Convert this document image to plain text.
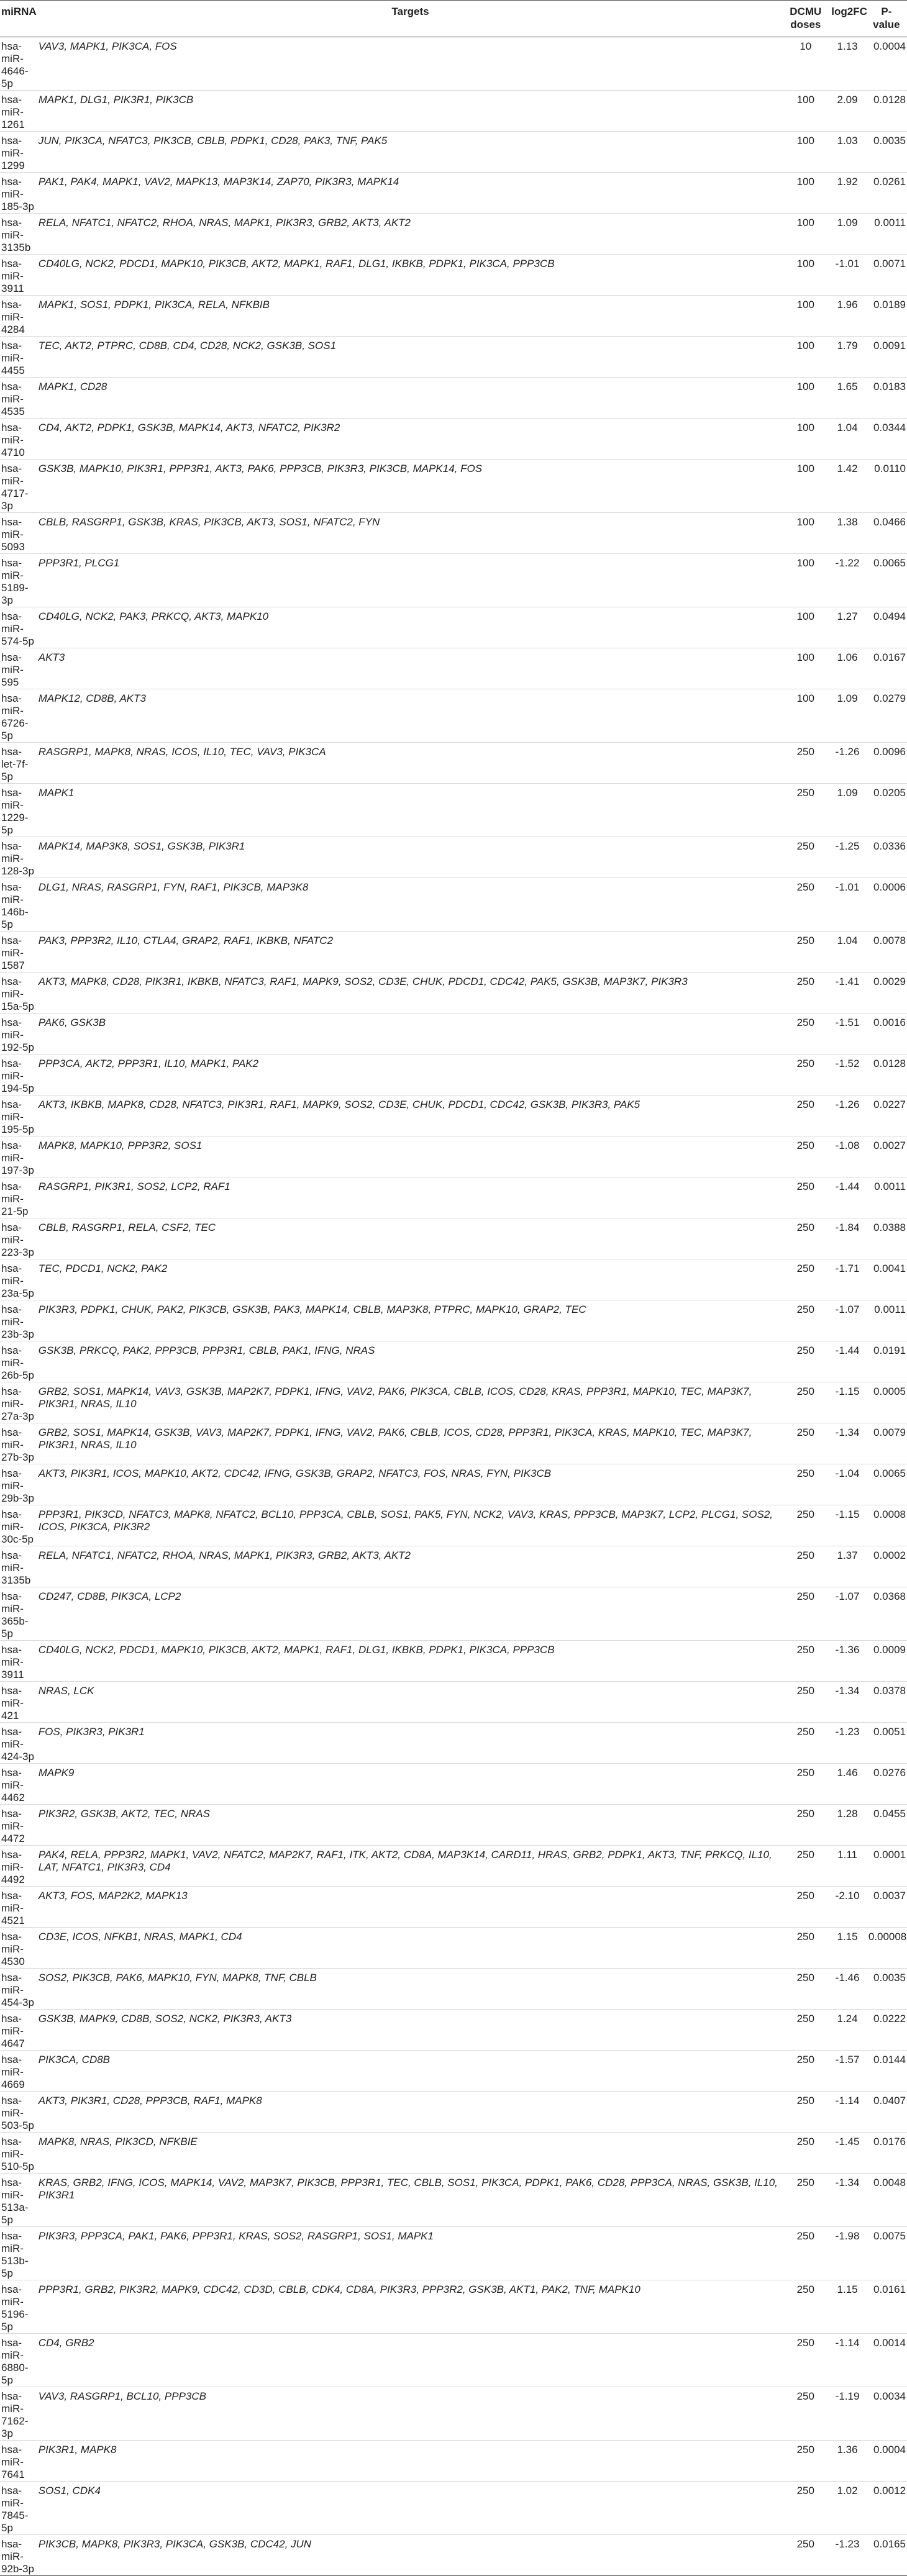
miRNA	Targets	DCMU doses	log2FC	P-value
hsa-miR-4646-5p	VAV3, MAPK1, PIK3CA, FOS	10	1.13	0.0004
hsa-miR-1261	MAPK1, DLG1, PIK3R1, PIK3CB	100	2.09	0.0128
hsa-miR-1299	JUN, PIK3CA, NFATC3, PIK3CB, CBLB, PDPK1, CD28, PAK3, TNF, PAK5	100	1.03	0.0035
hsa-miR-185-3p	PAK1, PAK4, MAPK1, VAV2, MAPK13, MAP3K14, ZAP70, PIK3R3, MAPK14	100	1.92	0.0261
hsa-miR-3135b	RELA, NFATC1, NFATC2, RHOA, NRAS, MAPK1, PIK3R3, GRB2, AKT3, AKT2	100	1.09	0.0011
hsa-miR-3911	CD40LG, NCK2, PDCD1, MAPK10, PIK3CB, AKT2, MAPK1, RAF1, DLG1, IKBKB, PDPK1, PIK3CA, PPP3CB	100	-1.01	0.0071
hsa-miR-4284	MAPK1, SOS1, PDPK1, PIK3CA, RELA, NFKBIB	100	1.96	0.0189
hsa-miR-4455	TEC, AKT2, PTPRC, CD8B, CD4, CD28, NCK2, GSK3B, SOS1	100	1.79	0.0091
hsa-miR-4535	MAPK1, CD28	100	1.65	0.0183
hsa-miR-4710	CD4, AKT2, PDPK1, GSK3B, MAPK14, AKT3, NFATC2, PIK3R2	100	1.04	0.0344
hsa-miR-4717-3p	GSK3B, MAPK10, PIK3R1, PPP3R1, AKT3, PAK6, PPP3CB, PIK3R3, PIK3CB, MAPK14, FOS	100	1.42	0.0110
hsa-miR-5093	CBLB, RASGRP1, GSK3B, KRAS, PIK3CB, AKT3, SOS1, NFATC2, FYN	100	1.38	0.0466
hsa-miR-5189-3p	PPP3R1, PLCG1	100	-1.22	0.0065
hsa-miR-574-5p	CD40LG, NCK2, PAK3, PRKCQ, AKT3, MAPK10	100	1.27	0.0494
hsa-miR-595	AKT3	100	1.06	0.0167
hsa-miR-6726-5p	MAPK12, CD8B, AKT3	100	1.09	0.0279
hsa-let-7f-5p	RASGRP1, MAPK8, NRAS, ICOS, IL10, TEC, VAV3, PIK3CA	250	-1.26	0.0096
hsa-miR-1229-5p	MAPK1	250	1.09	0.0205
hsa-miR-128-3p	MAPK14, MAP3K8, SOS1, GSK3B, PIK3R1	250	-1.25	0.0336
hsa-miR-146b-5p	DLG1, NRAS, RASGRP1, FYN, RAF1, PIK3CB, MAP3K8	250	-1.01	0.0006
hsa-miR-1587	PAK3, PPP3R2, IL10, CTLA4, GRAP2, RAF1, IKBKB, NFATC2	250	1.04	0.0078
hsa-miR-15a-5p	AKT3, MAPK8, CD28, PIK3R1, IKBKB, NFATC3, RAF1, MAPK9, SOS2, CD3E, CHUK, PDCD1, CDC42, PAK5, GSK3B, MAP3K7, PIK3R3	250	-1.41	0.0029
hsa-miR-192-5p	PAK6, GSK3B	250	-1.51	0.0016
hsa-miR-194-5p	PPP3CA, AKT2, PPP3R1, IL10, MAPK1, PAK2	250	-1.52	0.0128
hsa-miR-195-5p	AKT3, IKBKB, MAPK8, CD28, NFATC3, PIK3R1, RAF1, MAPK9, SOS2, CD3E, CHUK, PDCD1, CDC42, GSK3B, PIK3R3, PAK5	250	-1.26	0.0227
hsa-miR-197-3p	MAPK8, MAPK10, PPP3R2, SOS1	250	-1.08	0.0027
hsa-miR-21-5p	RASGRP1, PIK3R1, SOS2, LCP2, RAF1	250	-1.44	0.0011
hsa-miR-223-3p	CBLB, RASGRP1, RELA, CSF2, TEC	250	-1.84	0.0388
hsa-miR-23a-5p	TEC, PDCD1, NCK2, PAK2	250	-1.71	0.0041
hsa-miR-23b-3p	PIK3R3, PDPK1, CHUK, PAK2, PIK3CB, GSK3B, PAK3, MAPK14, CBLB, MAP3K8, PTPRC, MAPK10, GRAP2, TEC	250	-1.07	0.0011
hsa-miR-26b-5p	GSK3B, PRKCQ, PAK2, PPP3CB, PPP3R1, CBLB, PAK1, IFNG, NRAS	250	-1.44	0.0191
hsa-miR-27a-3p	GRB2, SOS1, MAPK14, VAV3, GSK3B, MAP2K7, PDPK1, IFNG, VAV2, PAK6, PIK3CA, CBLB, ICOS, CD28, KRAS, PPP3R1, MAPK10, TEC, MAP3K7, PIK3R1, NRAS, IL10	250	-1.15	0.0005
hsa-miR-27b-3p	GRB2, SOS1, MAPK14, GSK3B, VAV3, MAP2K7, PDPK1, IFNG, VAV2, PAK6, CBLB, ICOS, CD28, PPP3R1, PIK3CA, KRAS, MAPK10, TEC, MAP3K7, PIK3R1, NRAS, IL10	250	-1.34	0.0079
hsa-miR-29b-3p	AKT3, PIK3R1, ICOS, MAPK10, AKT2, CDC42, IFNG, GSK3B, GRAP2, NFATC3, FOS, NRAS, FYN, PIK3CB	250	-1.04	0.0065
hsa-miR-30c-5p	PPP3R1, PIK3CD, NFATC3, MAPK8, NFATC2, BCL10, PPP3CA, CBLB, SOS1, PAK5, FYN, NCK2, VAV3, KRAS, PPP3CB, MAP3K7, LCP2, PLCG1, SOS2, ICOS, PIK3CA, PIK3R2	250	-1.15	0.0008
hsa-miR-3135b	RELA, NFATC1, NFATC2, RHOA, NRAS, MAPK1, PIK3R3, GRB2, AKT3, AKT2	250	1.37	0.0002
hsa-miR-365b-5p	CD247, CD8B, PIK3CA, LCP2	250	-1.07	0.0368
hsa-miR-3911	CD40LG, NCK2, PDCD1, MAPK10, PIK3CB, AKT2, MAPK1, RAF1, DLG1, IKBKB, PDPK1, PIK3CA, PPP3CB	250	-1.36	0.0009
hsa-miR-421	NRAS, LCK	250	-1.34	0.0378
hsa-miR-424-3p	FOS, PIK3R3, PIK3R1	250	-1.23	0.0051
hsa-miR-4462	MAPK9	250	1.46	0.0276
hsa-miR-4472	PIK3R2, GSK3B, AKT2, TEC, NRAS	250	1.28	0.0455
hsa-miR-4492	PAK4, RELA, PPP3R2, MAPK1, VAV2, NFATC2, MAP2K7, RAF1, ITK, AKT2, CD8A, MAP3K14, CARD11, HRAS, GRB2, PDPK1, AKT3, TNF, PRKCQ, IL10, LAT, NFATC1, PIK3R3, CD4	250	1.11	0.0001
hsa-miR-4521	AKT3, FOS, MAP2K2, MAPK13	250	-2.10	0.0037
hsa-miR-4530	CD3E, ICOS, NFKB1, NRAS, MAPK1, CD4	250	1.15	0.00008
hsa-miR-454-3p	SOS2, PIK3CB, PAK6, MAPK10, FYN, MAPK8, TNF, CBLB	250	-1.46	0.0035
hsa-miR-4647	GSK3B, MAPK9, CD8B, SOS2, NCK2, PIK3R3, AKT3	250	1.24	0.0222
hsa-miR-4669	PIK3CA, CD8B	250	-1.57	0.0144
hsa-miR-503-5p	AKT3, PIK3R1, CD28, PPP3CB, RAF1, MAPK8	250	-1.14	0.0407
hsa-miR-510-5p	MAPK8, NRAS, PIK3CD, NFKBIE	250	-1.45	0.0176
hsa-miR-513a-5p	KRAS, GRB2, IFNG, ICOS, MAPK14, VAV2, MAP3K7, PIK3CB, PPP3R1, TEC, CBLB, SOS1, PIK3CA, PDPK1, PAK6, CD28, PPP3CA, NRAS, GSK3B, IL10, PIK3R1	250	-1.34	0.0048
hsa-miR-513b-5p	PIK3R3, PPP3CA, PAK1, PAK6, PPP3R1, KRAS, SOS2, RASGRP1, SOS1, MAPK1	250	-1.98	0.0075
hsa-miR-5196-5p	PPP3R1, GRB2, PIK3R2, MAPK9, CDC42, CD3D, CBLB, CDK4, CD8A, PIK3R3, PPP3R2, GSK3B, AKT1, PAK2, TNF, MAPK10	250	1.15	0.0161
hsa-miR-6880-5p	CD4, GRB2	250	-1.14	0.0014
hsa-miR-7162-3p	VAV3, RASGRP1, BCL10, PPP3CB	250	-1.19	0.0034
hsa-miR-7641	PIK3R1, MAPK8	250	1.36	0.0004
hsa-miR-7845-5p	SOS1, CDK4	250	1.02	0.0012
hsa-miR-92b-3p	PIK3CB, MAPK8, PIK3R3, PIK3CA, GSK3B, CDC42, JUN	250	-1.23	0.0165
